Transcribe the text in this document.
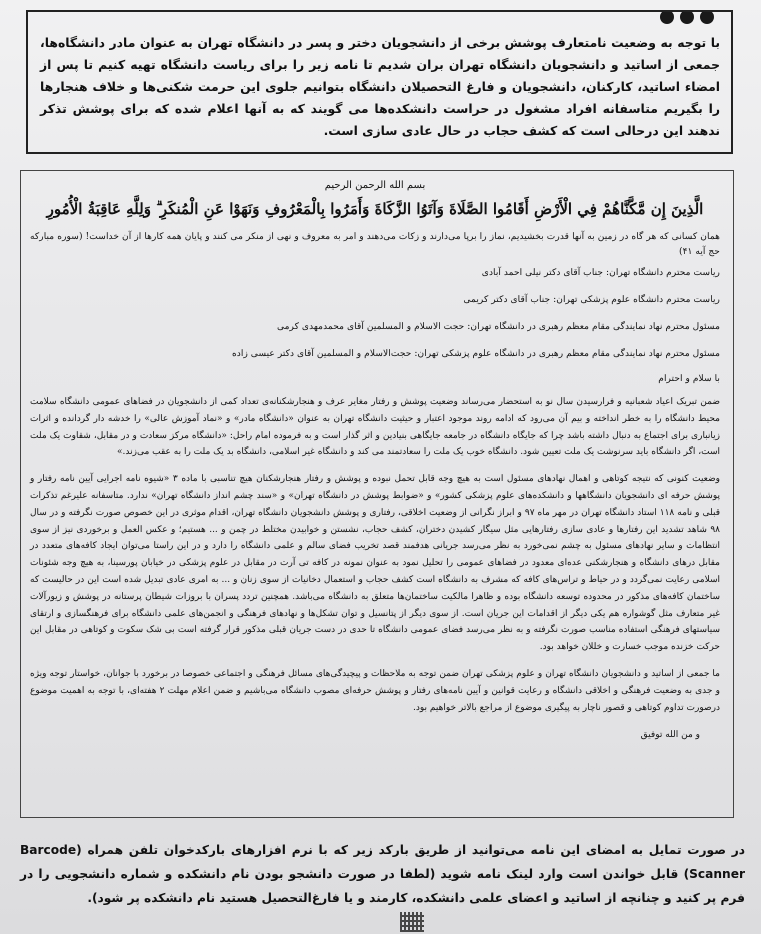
با توجه به وضعیت نامتعارف پوشش برخی از دانشجویان دختر و پسر در دانشگاه تهران به عنوان مادر دانشگاه‌ها، جمعی از اساتید و دانشجویان دانشگاه تهران بران شدیم تا نامه زیر را برای ریاست دانشگاه تهیه کنیم تا پس از امضاء اساتید، کارکنان، دانشجویان و فارغ التحصیلان دانشگاه بتوانیم جلوی این حرمت شکنی‌ها و خلاف هنجارها را بگیریم متاسفانه افراد مشغول در حراست دانشکده‌ها می گویند که به آنها اعلام شده که برای پوشش تذکر ندهند این درحالی است که کشف حجاب در حال عادی سازی است.

بسم الله الرحمن الرحیم

الَّذِينَ إِن مَّكَّنَّاهُمْ فِي الْأَرْضِ أَقَامُوا الصَّلَاةَ وَآتَوُا الزَّكَاةَ وَأَمَرُوا بِالْمَعْرُوفِ وَنَهَوْا عَنِ الْمُنكَرِ ۗ وَلِلَّهِ عَاقِبَةُ الْأُمُورِ

همان کسانی که هر گاه در زمین به آنها قدرت بخشیدیم، نماز را برپا می‌دارند و زکات می‌دهند و امر به معروف و نهی از منکر می کنند و پایان همه کارها از آن خداست! (سوره مبارکه حج آیه ۴۱)

ریاست محترم دانشگاه تهران: جناب آقای دکتر نیلی احمد آبادی

ریاست محترم دانشگاه علوم پزشکی تهران: جناب آقای دکتر کریمی

مسئول محترم نهاد نمایندگی مقام معظم رهبری در دانشگاه تهران: حجت الاسلام و المسلمین آقای محمدمهدی کرمی

مسئول محترم نهاد نمایندگی مقام معظم رهبری در دانشگاه علوم پزشکی تهران: حجت‌الاسلام و المسلمین آقای دکتر عیسی زاده

با سلام و احترام

ضمن تبریک اعیاد شعبانیه و فرارسیدن سال نو به استحضار می‌رساند وضعیت پوشش و رفتار مغایر عرف و هنجارشکنانه‌ی تعداد کمی از دانشجویان در فضاهای عمومی دانشگاه سلامت محیط دانشگاه را به خطر انداخته و بیم آن می‌رود که ادامه روند موجود اعتبار و حیثیت دانشگاه تهران به عنوان «دانشگاه مادر» و «نماد آموزش عالی» را خدشه دار گردانده و اثرات زیانباری برای اجتماع به دنبال داشته باشد چرا که جایگاه دانشگاه در جامعه جایگاهی بنیادین و اثر گذار است و به فرموده امام راحل: «دانشگاه مرکز سعادت و در مقابل، شقاوت یک ملت است، اگر دانشگاه باید سرنوشت یک ملت تعیین شود. دانشگاه خوب یک ملت را سعادتمند می کند و دانشگاه غیر اسلامی، دانشگاه بد یک ملت را به عقب می‌زند.»

وضعیت کنونی که نتیجه کوتاهی و اهمال نهادهای مسئول است به هیچ وجه قابل تحمل نبوده و پوشش و رفتار هنجارشکنان هیچ تناسبی با ماده ۳ «شیوه نامه اجرایی آیین نامه رفتار و پوشش حرفه ای دانشجویان دانشگاهها و دانشکده‌های علوم پزشکی کشور» و «ضوابط پوشش در دانشگاه تهران» و «سند چشم انداز دانشگاه تهران» ندارد. متاسفانه علیرغم تذکرات قبلی و نامه ۱۱۸ استاد دانشگاه تهران در مهر ماه ۹۷ و ابراز نگرانی از وضعیت اخلاقی، رفتاری و پوشش دانشجویان دانشگاه تهران، اقدام موثری در این خصوص صورت نگرفته و در سال ۹۸ شاهد تشدید این رفتارها و عادی سازی رفتارهایی مثل سیگار کشیدن دختران، کشف حجاب، نشستن و خوابیدن مختلط در چمن و ... هستیم؛ و عکس العمل و برخوردی نیز از سوی انتظامات و سایر نهادهای مسئول به چشم نمی‌خورد به نظر می‌رسد جریانی هدفمند قصد تخریب فضای سالم و علمی دانشگاه را دارد و در این راستا می‌توان ایجاد کافه‌های متعدد در مقابل درهای دانشگاه و هنجارشکنی عده‌ای معدود در فضاهای عمومی را تحلیل نمود به عنوان نمونه در کافه تی آرت در مقابل در علوم پزشکی در خیابان پورسینا، به هیچ وجه شئونات اسلامی رعایت نمی‌گردد و در حیاط و تراس‌های کافه که مشرف به دانشگاه است کشف حجاب و استعمال دخانیات از سوی زنان و ... به امری عادی تبدیل شده است این در حالیست که ساختمان کافه‌های مذکور در محدوده توسعه دانشگاه بوده و ظاهرا مالکیت ساختمان‌ها متعلق به دانشگاه می‌باشد. همچنین تردد پسران با بروزات شیطان پرستانه در پوشش و زیورآلات غیر متعارف مثل گوشواره هم یکی دیگر از اقدامات این جریان است. از سوی دیگر از پتانسیل و توان تشکل‌ها و نهادهای فرهنگی و انجمن‌های علمی دانشگاه برای فرهنگسازی و ارتقای سیاستهای فرهنگی استفاده مناسب صورت نگرفته و به نظر می‌رسد فضای عمومی دانشگاه تا حدی در دست جریان قبلی مذکور قرار گرفته است بی شک سکوت و کوتاهی در مقابل این حرکت خزنده موجب خسارت و خللان خواهد بود.

ما جمعی از اساتید و دانشجویان دانشگاه تهران و علوم پزشکی تهران ضمن توجه به ملاحظات و پیچیدگی‌های مسائل فرهنگی و اجتماعی خصوصا در برخورد با جوانان، خواستار توجه ویژه و جدی به وضعیت فرهنگی و اخلاقی دانشگاه و رعایت قوانین و آیین نامه‌های رفتار و پوشش حرفه‌ای مصوب دانشگاه می‌باشیم و ضمن اعلام مهلت ۲ هفته‌ای، با توجه به اهمیت موضوع درصورت تداوم کوتاهی و قصور ناچار به پیگیری موضوع از مراجع بالاتر خواهیم بود.

و من الله توفیق

در صورت تمایل به امضای این نامه می‌توانید از طریق بارکد زیر که با نرم افزارهای بارکدخوان تلفن همراه (Barcode Scanner) قابل خواندن است وارد لینک نامه شوید (لطفا در صورت دانشجو بودن نام دانشکده و شماره دانشجویی را در فرم پر کنید و چنانچه از اساتید و اعضای علمی دانشکده، کارمند و یا فارغ‌التحصیل هستید نام دانشکده پر شود).
